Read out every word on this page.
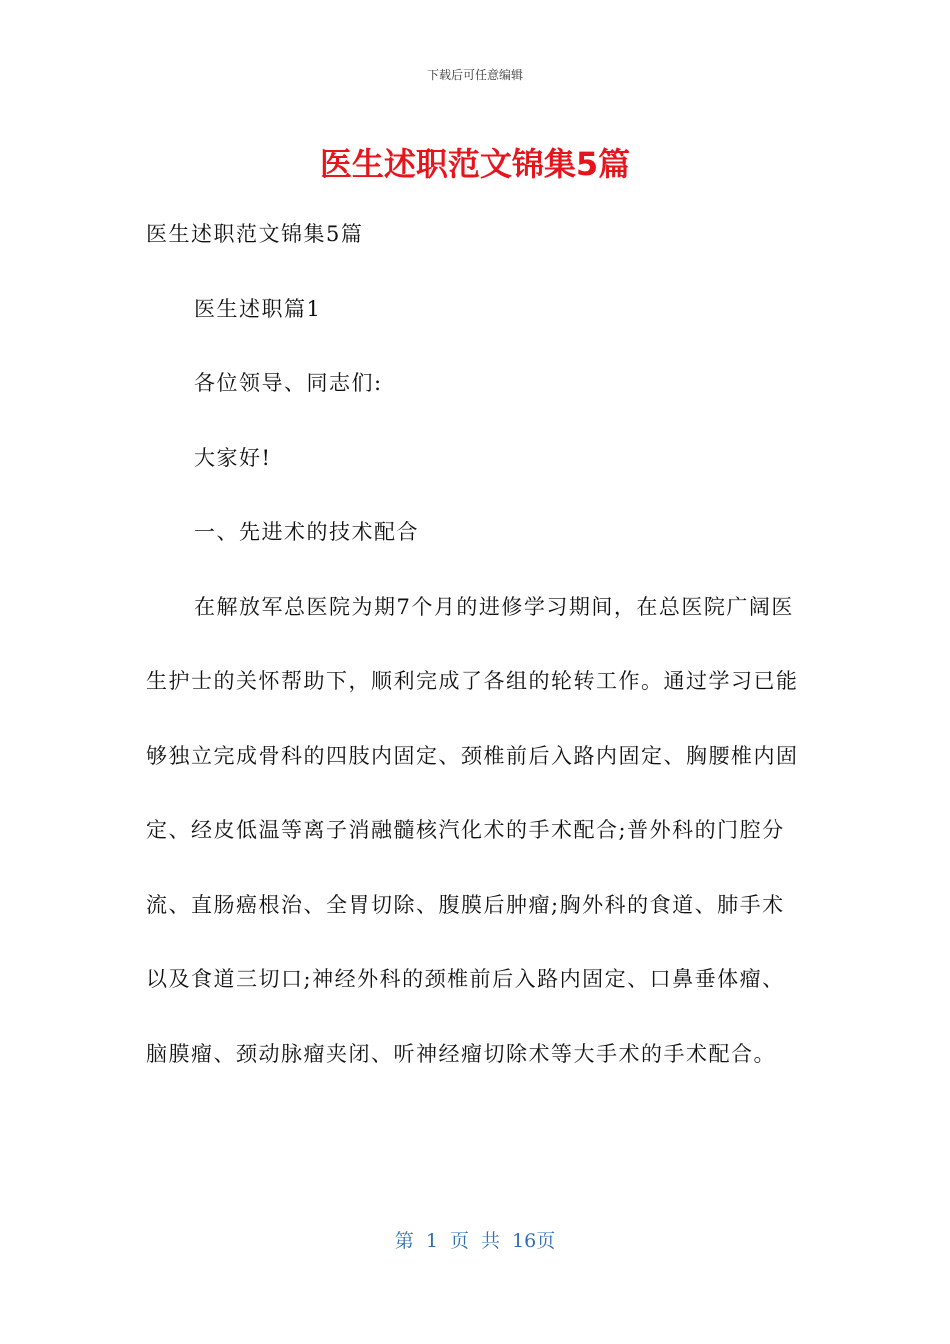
下载后可任意编辑
医生述职范文锦集5篇

医生述职范文锦集5篇

医生述职篇1

各位领导、同志们:

大家好!

一、先进术的技术配合

在解放军总医院为期7个月的进修学习期间，在总医院广阔医生护士的关怀帮助下，顺利完成了各组的轮转工作。通过学习已能够独立完成骨科的四肢内固定、颈椎前后入路内固定、胸腰椎内固定、经皮低温等离子消融髓核汽化术的手术配合;普外科的门腔分流、直肠癌根治、全胃切除、腹膜后肿瘤;胸外科的食道、肺手术以及食道三切口;神经外科的颈椎前后入路内固定、口鼻垂体瘤、脑膜瘤、颈动脉瘤夹闭、听神经瘤切除术等大手术的手术配合。

第 1 页 共 16页
